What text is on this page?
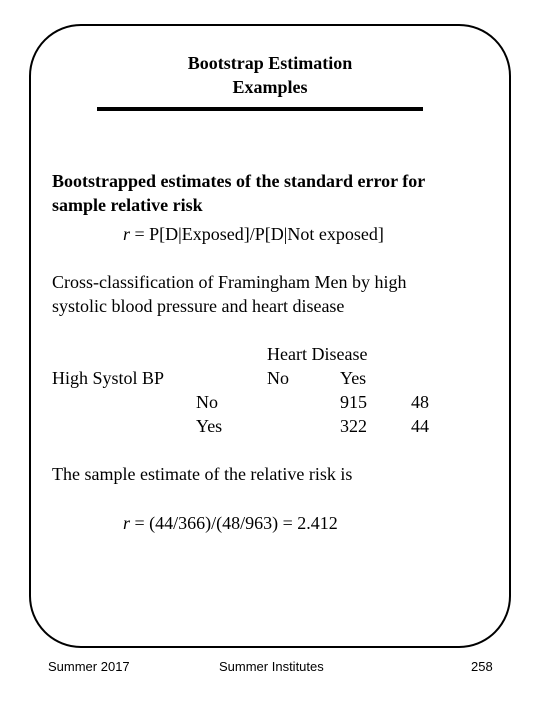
Bootstrap Estimation
Examples
Bootstrapped estimates of the standard error for
sample relative risk
r = P[D|Exposed]/P[D|Not exposed]
Cross-classification of Framingham Men by high
systolic blood pressure and heart disease
Heart Disease
High Systol BP	No	Yes
No	915 48
Yes	322 44
The sample estimate of the relative risk is
r = (44/366)/(48/963) = 2.412
Summer 2017	Summer Institutes	258
